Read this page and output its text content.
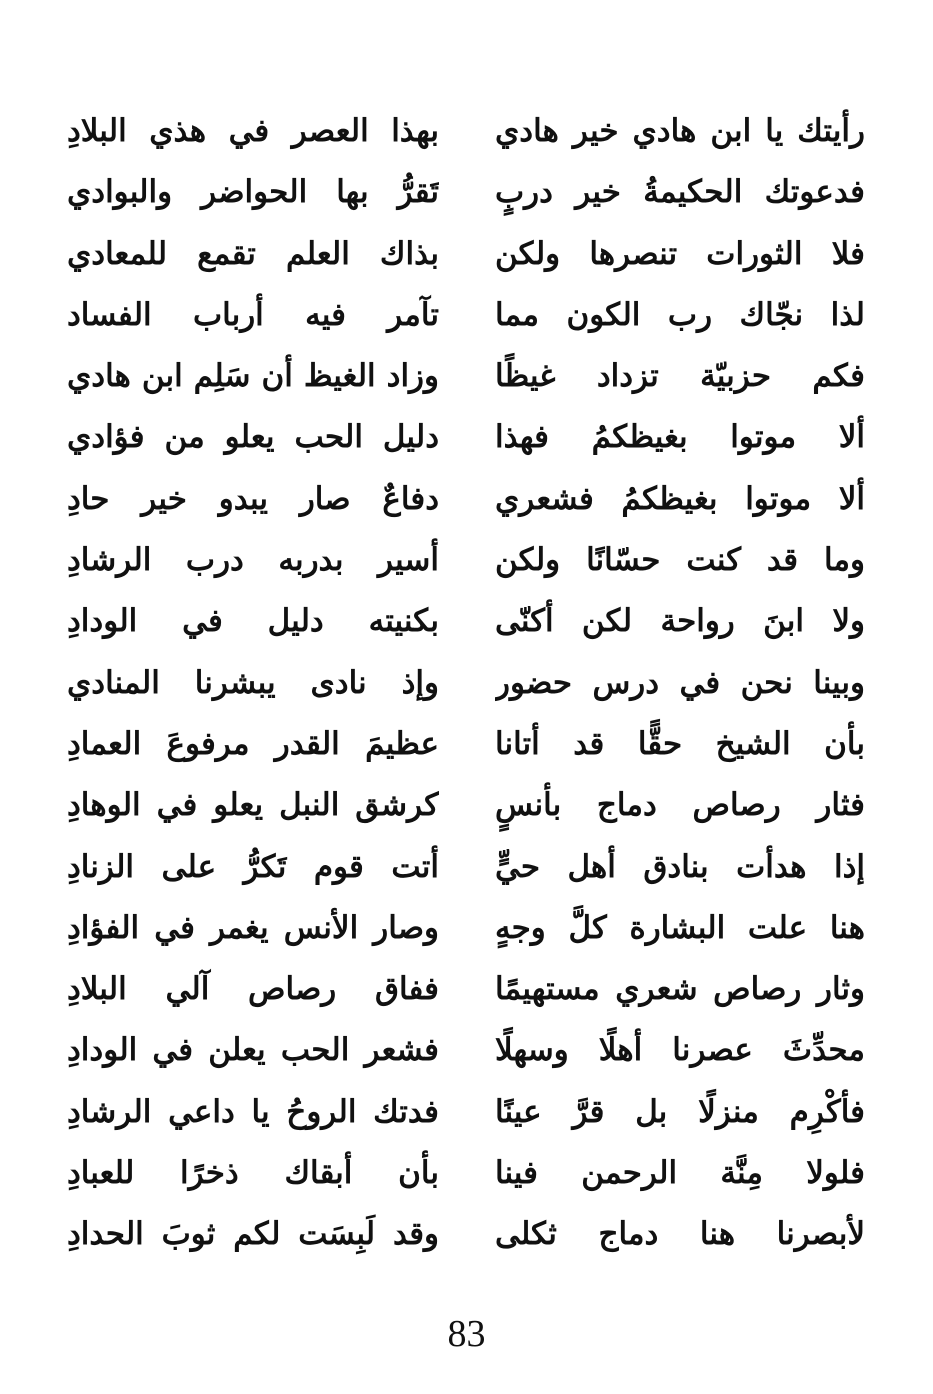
رأيتك يا ابن هادي خير هادي
بهذا العصر في هذي البلادِ
فدعوتك الحكيمةُ خير دربٍ
تَقرُّ بها الحواضر والبوادي
فلا الثورات تنصرها ولكن
بذاك العلم تقمع للمعادي
لذا نجّاك رب الكون مما
تآمر فيه أرباب الفساد
فكم حزبيّة تزداد غيظًا
وزاد الغيظ أن سَلِم ابن هادي
ألا موتوا بغيظكمُ فهذا
دليل الحب يعلو من فؤادي
ألا موتوا بغيظكمُ فشعري
دفاعٌ صار يبدو خير حادِ
وما قد كنت حسّانًا ولكن
أسير بدربه درب الرشادِ
ولا ابنَ رواحة لكن أكنّى
بكنيته دليل في الودادِ
وبينا نحن في درس حضور
وإذ نادى يبشرنا المنادي
بأن الشيخ حقًّا قد أتانا
عظيمَ القدر مرفوعَ العمادِ
فثار رصاص دماج بأنسٍ
كرشق النبل يعلو في الوهادِ
إذا هدأت بنادق أهل حيٍّ
أتت قوم تَكرُّ على الزنادِ
هنا علت البشارة كلَّ وجهٍ
وصار الأنس يغمر في الفؤادِ
وثار رصاص شعري مستهيمًا
ففاق رصاص آلي البلادِ
محدِّثَ عصرنا أهلًا وسهلًا
فشعر الحب يعلن في الودادِ
فأكْرِم منزلًا بل قرَّ عينًا
فدتك الروحُ يا داعي الرشادِ
فلولا مِنَّة الرحمن فينا
بأن أبقاك ذخرًا للعبادِ
لأبصرنا هنا دماج ثكلى
وقد لَبِسَت لكم ثوبَ الحدادِ
83
